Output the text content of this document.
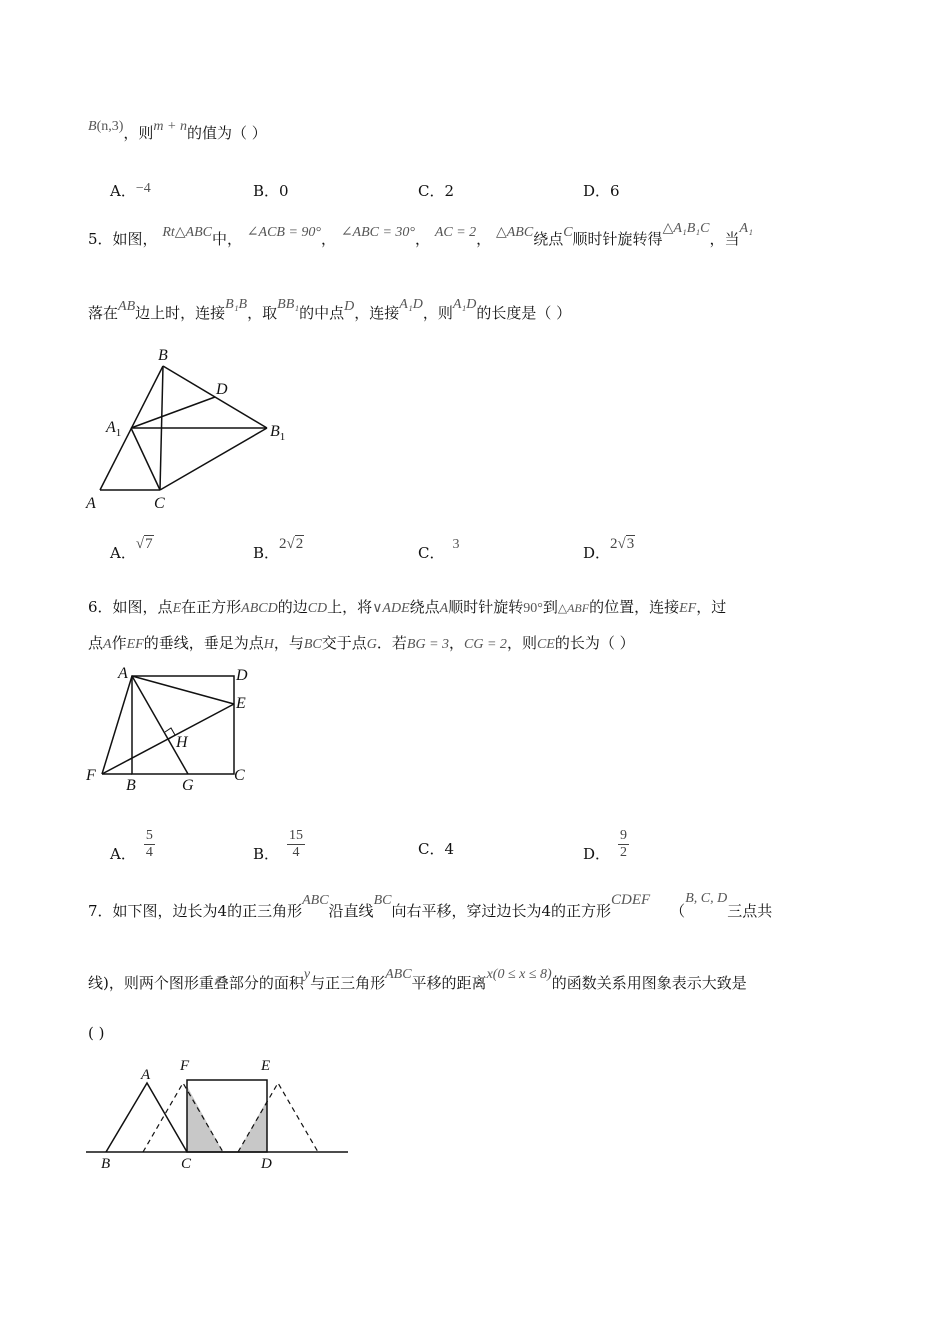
B(n,3)，则m + n的值为（ ）
A．−4	B．0	C．2	D．6
5．如图， Rt△ABC中， ∠ACB = 90°， ∠ABC = 30°， AC = 2， △ABC绕点C顺时针旋转得△A₁B₁C，当A₁
落在AB边上时，连接B₁B，取BB₁的中点D，连接A₁D，则A₁D的长度是（ ）
B
D
$A_1$	$B_1$
A	C
A．√7	B．2√2	C． 3	D．2√3
6．如图，点E在正方形ABCD的边CD上，将∨ADE绕点A顺时针旋转90°到△ABF的位置，连接EF，过
点A作EF的垂线，垂足为点H，与BC交于点G．若BG = 3，CG = 2，则CE的长为（ ）
A	D
E
H
F
B	G
C
A． $\frac{5}{4}$	B． $\frac{15}{4}$	C．4	D． $\frac{9}{2}$
7．如下图，边长为4的正三角形ABC沿直线BC向右平移，穿过边长为4的正方形CDEF（B, C, D三点共
线)，则两个图形重叠部分的面积y与正三角形ABC平移的距离x(0 ≤ x ≤ 8)的函数关系用图象表示大致是
( )
A
F	E
B	C	D
